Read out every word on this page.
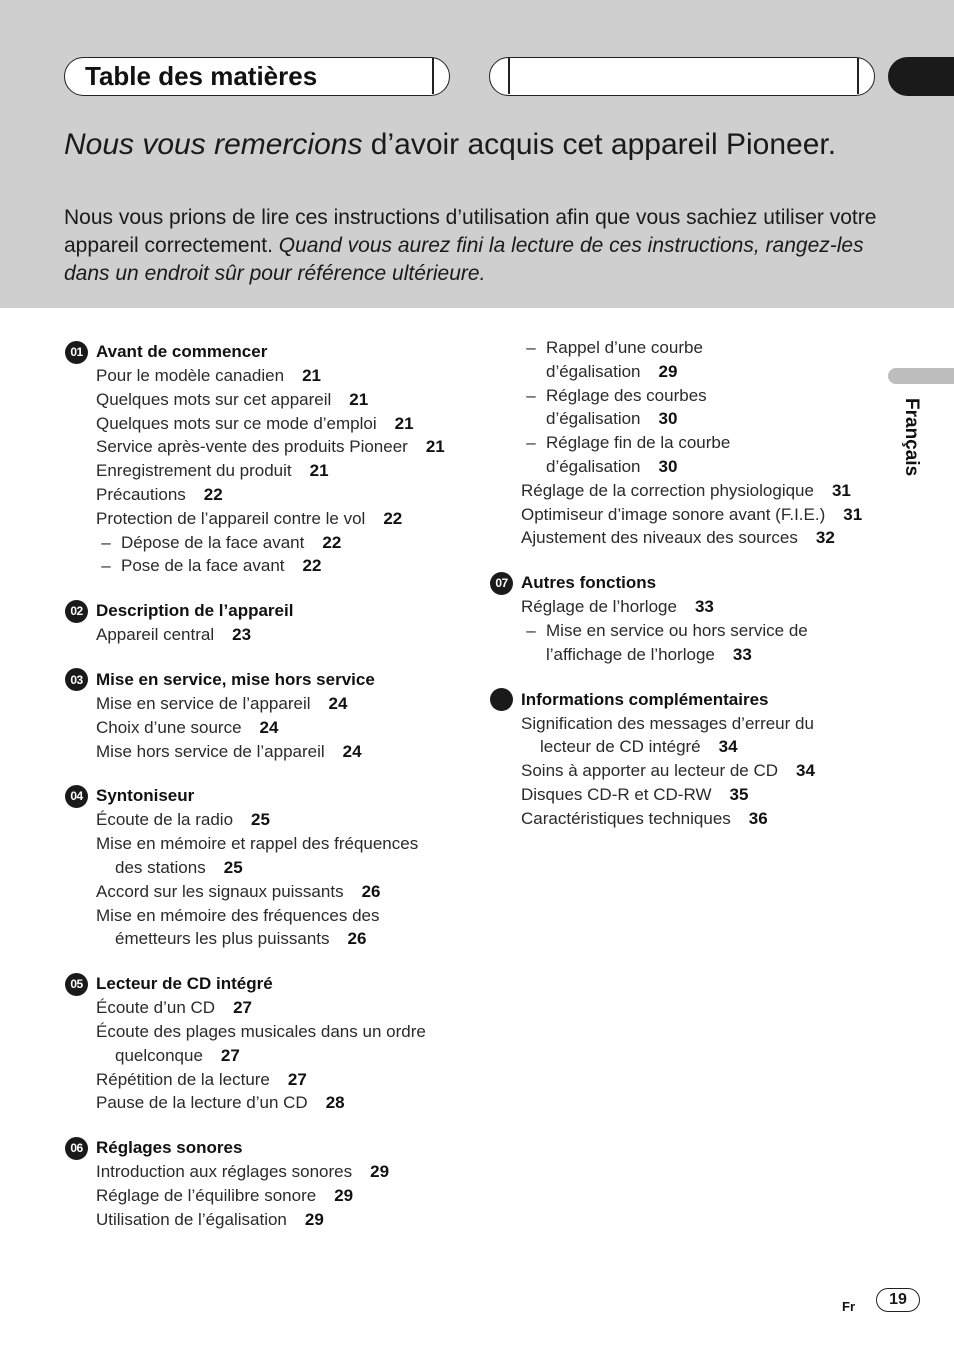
Table des matières
Nous vous remercions d’avoir acquis cet appareil Pioneer.
Nous vous prions de lire ces instructions d’utilisation afin que vous sachiez utiliser votre appareil correctement. Quand vous aurez fini la lecture de ces instructions, rangez-les dans un endroit sûr pour référence ultérieure.
Français
01 Avant de commencer
Pour le modèle canadien 21
Quelques mots sur cet appareil 21
Quelques mots sur ce mode d’emploi 21
Service après-vente des produits Pioneer 21
Enregistrement du produit 21
Précautions 22
Protection de l’appareil contre le vol 22
– Dépose de la face avant 22
– Pose de la face avant 22
02 Description de l’appareil
Appareil central 23
03 Mise en service, mise hors service
Mise en service de l’appareil 24
Choix d’une source 24
Mise hors service de l’appareil 24
04 Syntoniseur
Écoute de la radio 25
Mise en mémoire et rappel des fréquences
des stations 25
Accord sur les signaux puissants 26
Mise en mémoire des fréquences des
émetteurs les plus puissants 26
05 Lecteur de CD intégré
Écoute d’un CD 27
Écoute des plages musicales dans un ordre
quelconque 27
Répétition de la lecture 27
Pause de la lecture d’un CD 28
06 Réglages sonores
Introduction aux réglages sonores 29
Réglage de l’équilibre sonore 29
Utilisation de l’égalisation 29
– Rappel d’une courbe
d’égalisation 29
– Réglage des courbes
d’égalisation 30
– Réglage fin de la courbe
d’égalisation 30
Réglage de la correction physiologique 31
Optimiseur d’image sonore avant (F.I.E.) 31
Ajustement des niveaux des sources 32
07 Autres fonctions
Réglage de l’horloge 33
– Mise en service ou hors service de
l’affichage de l’horloge 33
Informations complémentaires
Signification des messages d’erreur du
lecteur de CD intégré 34
Soins à apporter au lecteur de CD 34
Disques CD-R et CD-RW 35
Caractéristiques techniques 36
Fr	19
